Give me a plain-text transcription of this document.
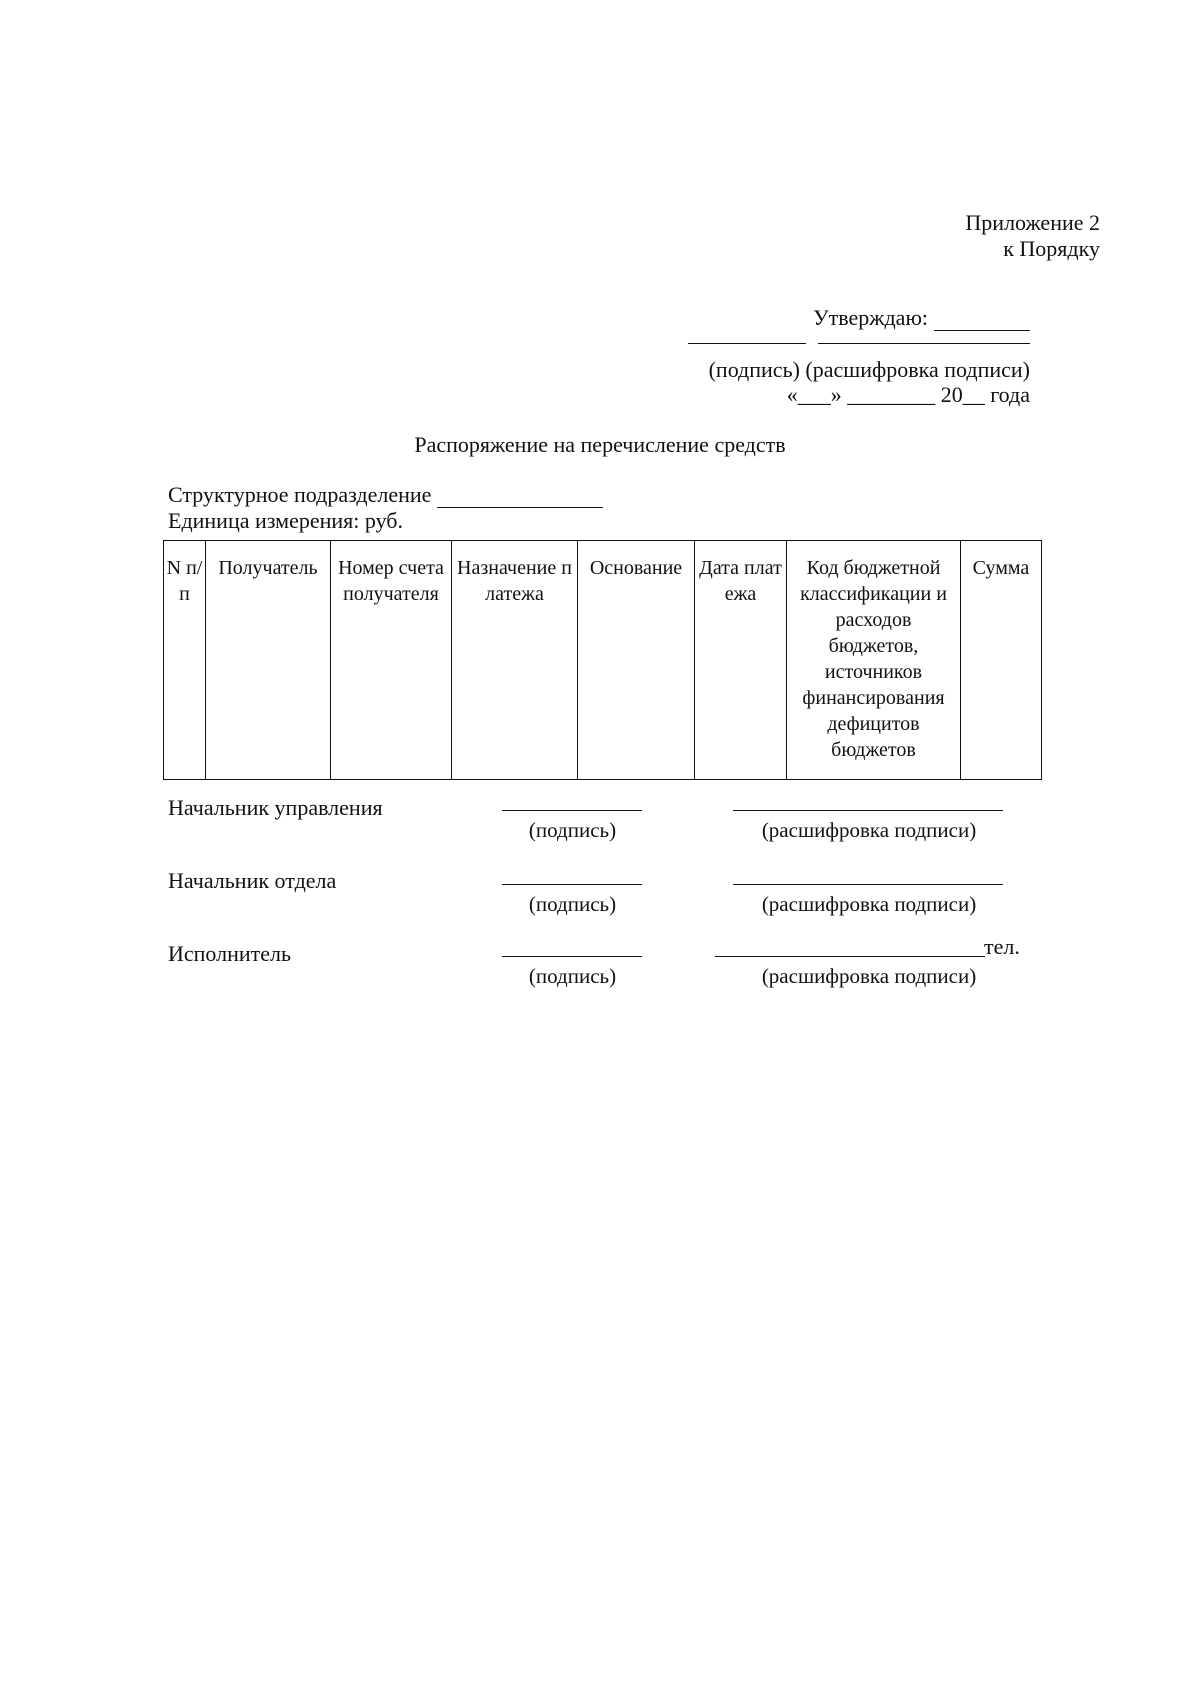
Приложение 2
к Порядку
Утверждаю:
(подпись) (расшифровка подписи)
«___» ________ 20__ года
Распоряжение на перечисление средств
Структурное подразделение
Единица измерения: руб.
N п/ п	Получатель	Номер счета получателя	Назначение платежа	Основание	Дата платежа	Код бюджетной классификации и расходов бюджетов, источников финансирования дефицитов бюджетов	Сумма
Начальник управления
(подпись)	(расшифровка подписи)
Начальник отдела
(подпись)	(расшифровка подписи)
Исполнитель	тел.
(подпись)	(расшифровка подписи)
